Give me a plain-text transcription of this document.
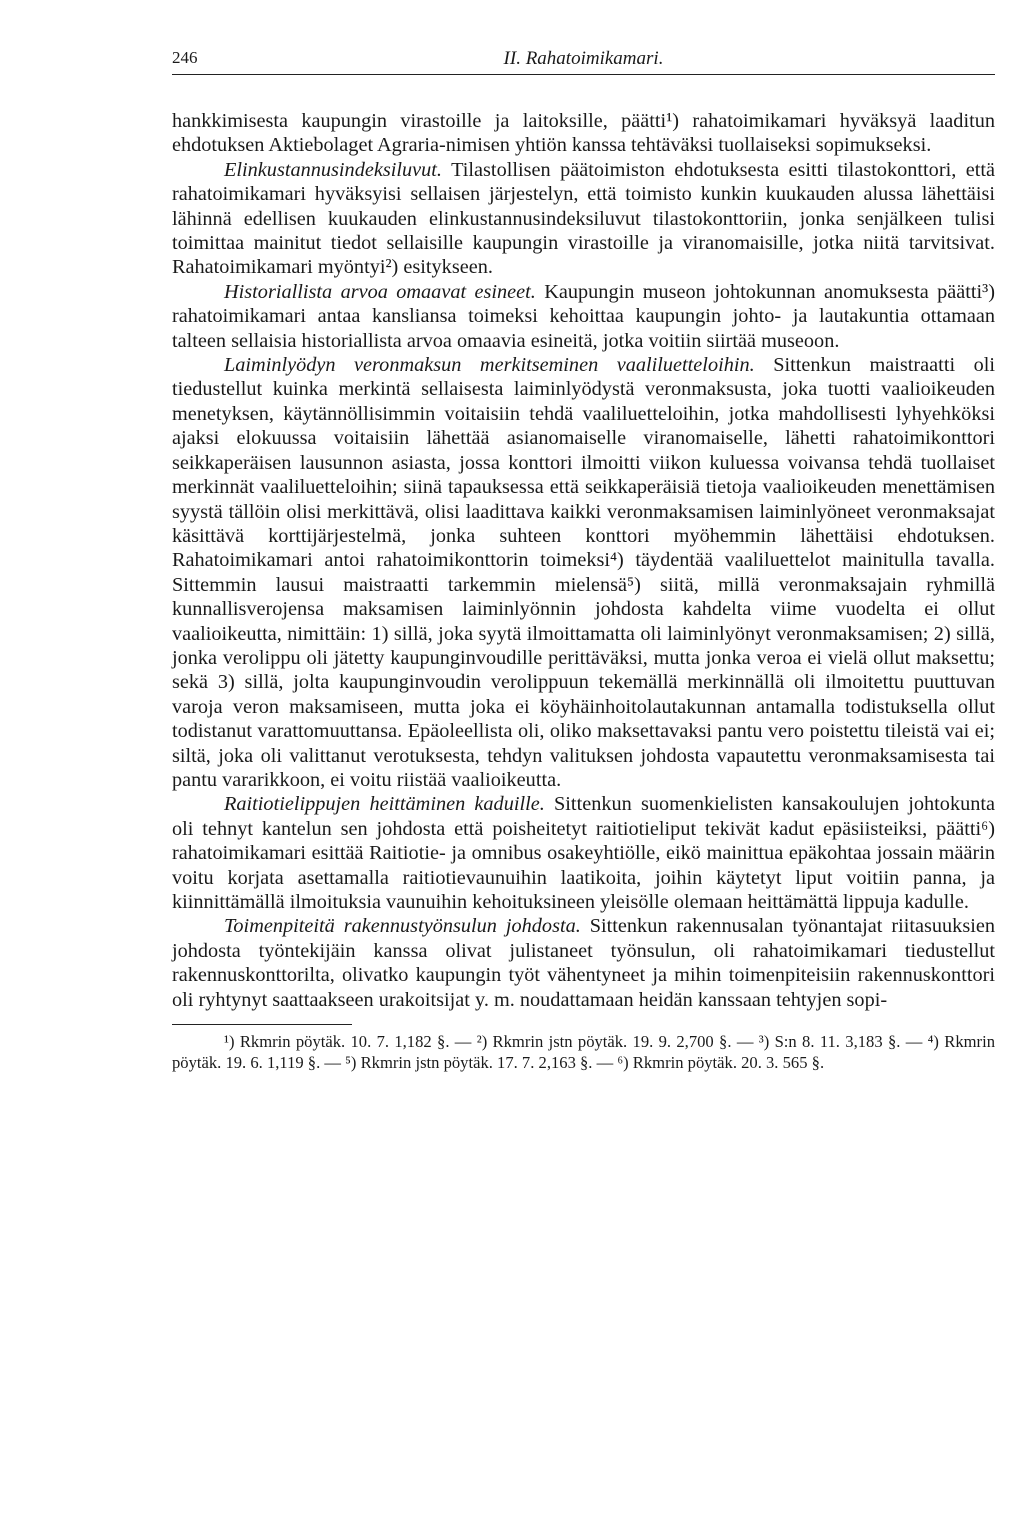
246	II. Rahatoimikamari.

hankkimisesta kaupungin virastoille ja laitoksille, päätti¹) rahatoimikamari hyväksyä laaditun ehdotuksen Aktiebolaget Agraria-nimisen yhtiön kanssa tehtäväksi tuollaiseksi sopimukseksi.

Elinkustannusindeksiluvut. Tilastollisen päätoimiston ehdotuksesta esitti tilastokonttori, että rahatoimikamari hyväksyisi sellaisen järjestelyn, että toimisto kunkin kuukauden alussa lähettäisi lähinnä edellisen kuukauden elinkustannusindeksiluvut tilastokonttoriin, jonka senjälkeen tulisi toimittaa mainitut tiedot sellaisille kaupungin virastoille ja viranomaisille, jotka niitä tarvitsivat. Rahatoimikamari myöntyi²) esitykseen.

Historiallista arvoa omaavat esineet. Kaupungin museon johtokunnan anomuksesta päätti³) rahatoimikamari antaa kansliansa toimeksi kehoittaa kaupungin johto- ja lautakuntia ottamaan talteen sellaisia historiallista arvoa omaavia esineitä, jotka voitiin siirtää museoon.

Laiminlyödyn veronmaksun merkitseminen vaaliluetteloihin. Sittenkun maistraatti oli tiedustellut kuinka merkintä sellaisesta laiminlyödystä veronmaksusta, joka tuotti vaalioikeuden menetyksen, käytännöllisimmin voitaisiin tehdä vaaliluetteloihin, jotka mahdollisesti lyhyehköksi ajaksi elokuussa voitaisiin lähettää asianomaiselle viranomaiselle, lähetti rahatoimikonttori seikkaperäisen lausunnon asiasta, jossa konttori ilmoitti viikon kuluessa voivansa tehdä tuollaiset merkinnät vaaliluetteloihin; siinä tapauksessa että seikkaperäisiä tietoja vaalioikeuden menettämisen syystä tällöin olisi merkittävä, olisi laadittava kaikki veronmaksamisen laiminlyöneet veronmaksajat käsittävä korttijärjestelmä, jonka suhteen konttori myöhemmin lähettäisi ehdotuksen. Rahatoimikamari antoi rahatoimikonttorin toimeksi⁴) täydentää vaaliluettelot mainitulla tavalla. Sittemmin lausui maistraatti tarkemmin mielensä⁵) siitä, millä veronmaksajain ryhmillä kunnallisverojensa maksamisen laiminlyönnin johdosta kahdelta viime vuodelta ei ollut vaalioikeutta, nimittäin: 1) sillä, joka syytä ilmoittamatta oli laiminlyönyt veronmaksamisen; 2) sillä, jonka verolippu oli jätetty kaupunginvoudille perittäväksi, mutta jonka veroa ei vielä ollut maksettu; sekä 3) sillä, jolta kaupunginvoudin verolippuun tekemällä merkinnällä oli ilmoitettu puuttuvan varoja veron maksamiseen, mutta joka ei köyhäinhoitolautakunnan antamalla todistuksella ollut todistanut varattomuuttansa. Epäoleellista oli, oliko maksettavaksi pantu vero poistettu tileistä vai ei; siltä, joka oli valittanut verotuksesta, tehdyn valituksen johdosta vapautettu veronmaksamisesta tai pantu vararikkoon, ei voitu riistää vaalioikeutta.

Raitiotielippujen heittäminen kaduille. Sittenkun suomenkielisten kansakoulujen johtokunta oli tehnyt kantelun sen johdosta että poisheitetyt raitiotieliput tekivät kadut epäsiisteiksi, päätti⁶) rahatoimikamari esittää Raitiotie- ja omnibus osakeyhtiölle, eikö mainittua epäkohtaa jossain määrin voitu korjata asettamalla raitiotievaunuihin laatikoita, joihin käytetyt liput voitiin panna, ja kiinnittämällä ilmoituksia vaunuihin kehoituksineen yleisölle olemaan heittämättä lippuja kadulle.

Toimenpiteitä rakennustyönsulun johdosta. Sittenkun rakennusalan työnantajat riitasuuksien johdosta työntekijäin kanssa olivat julistaneet työnsulun, oli rahatoimikamari tiedustellut rakennuskonttorilta, olivatko kaupungin työt vähentyneet ja mihin toimenpiteisiin rakennuskonttori oli ryhtynyt saattaakseen urakoitsijat y. m. noudattamaan heidän kanssaan tehtyjen sopi-

¹) Rkmrin pöytäk. 10. 7. 1,182 §. — ²) Rkmrin jstn pöytäk. 19. 9. 2,700 §. — ³) S:n 8. 11. 3,183 §. — ⁴) Rkmrin pöytäk. 19. 6. 1,119 §. — ⁵) Rkmrin jstn pöytäk. 17. 7. 2,163 §. — ⁶) Rkmrin pöytäk. 20. 3. 565 §.
